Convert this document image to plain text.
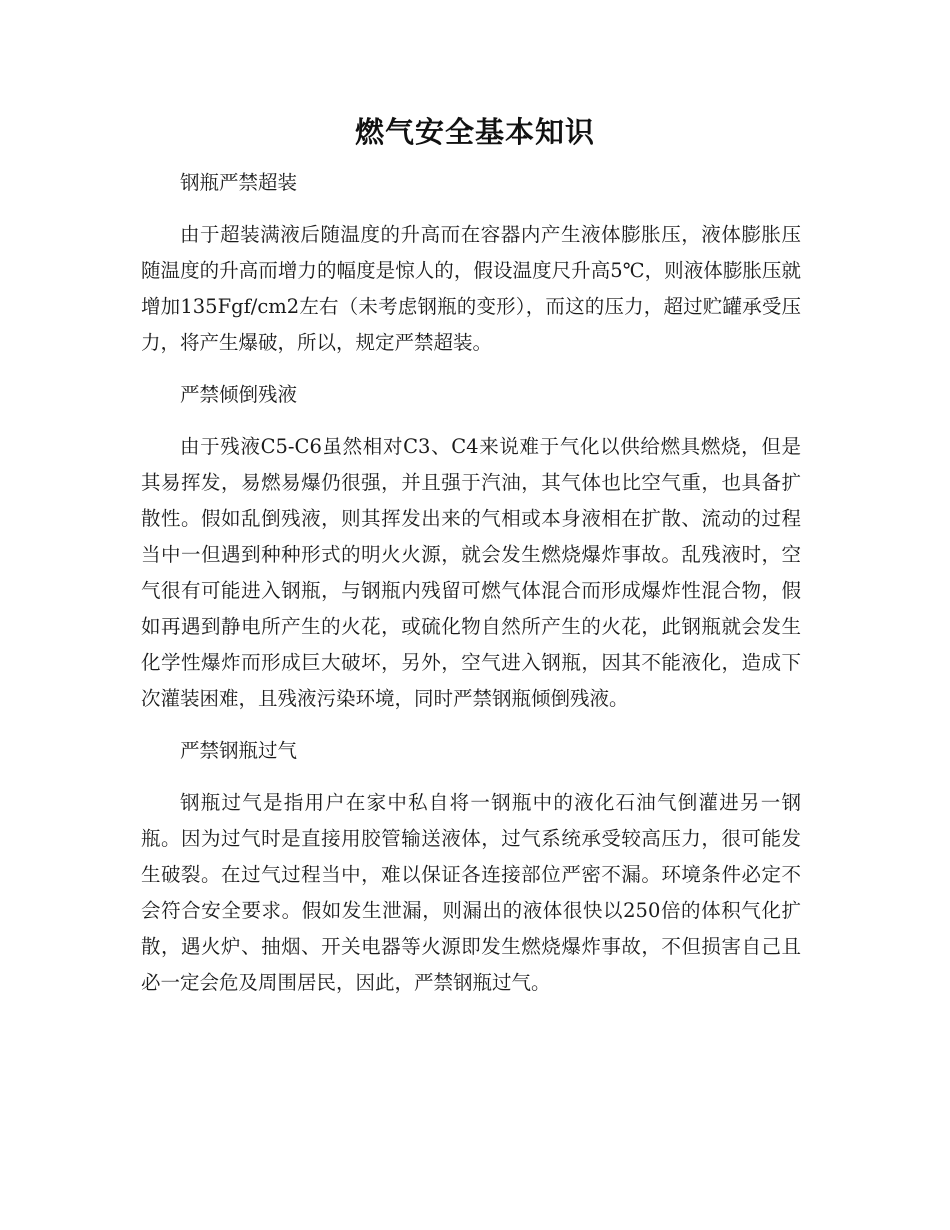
燃气安全基本知识
钢瓶严禁超装
由于超装满液后随温度的升高而在容器内产生液体膨胀压，液体膨胀压随温度的升高而增力的幅度是惊人的，假设温度尺升高5℃，则液体膨胀压就增加135Fgf/cm2左右（未考虑钢瓶的变形），而这的压力，超过贮罐承受压力，将产生爆破，所以，规定严禁超装。
严禁倾倒残液
由于残液C5-C6虽然相对C3、C4来说难于气化以供给燃具燃烧，但是其易挥发，易燃易爆仍很强，并且强于汽油，其气体也比空气重，也具备扩散性。假如乱倒残液，则其挥发出来的气相或本身液相在扩散、流动的过程当中一但遇到种种形式的明火火源，就会发生燃烧爆炸事故。乱残液时，空气很有可能进入钢瓶，与钢瓶内残留可燃气体混合而形成爆炸性混合物，假如再遇到静电所产生的火花，或硫化物自然所产生的火花，此钢瓶就会发生化学性爆炸而形成巨大破坏，另外，空气进入钢瓶，因其不能液化，造成下次灌装困难，且残液污染环境，同时严禁钢瓶倾倒残液。
严禁钢瓶过气
钢瓶过气是指用户在家中私自将一钢瓶中的液化石油气倒灌进另一钢瓶。因为过气时是直接用胶管输送液体，过气系统承受较高压力，很可能发生破裂。在过气过程当中，难以保证各连接部位严密不漏。环境条件必定不会符合安全要求。假如发生泄漏，则漏出的液体很快以250倍的体积气化扩散，遇火炉、抽烟、开关电器等火源即发生燃烧爆炸事故，不但损害自己且必一定会危及周围居民，因此，严禁钢瓶过气。
